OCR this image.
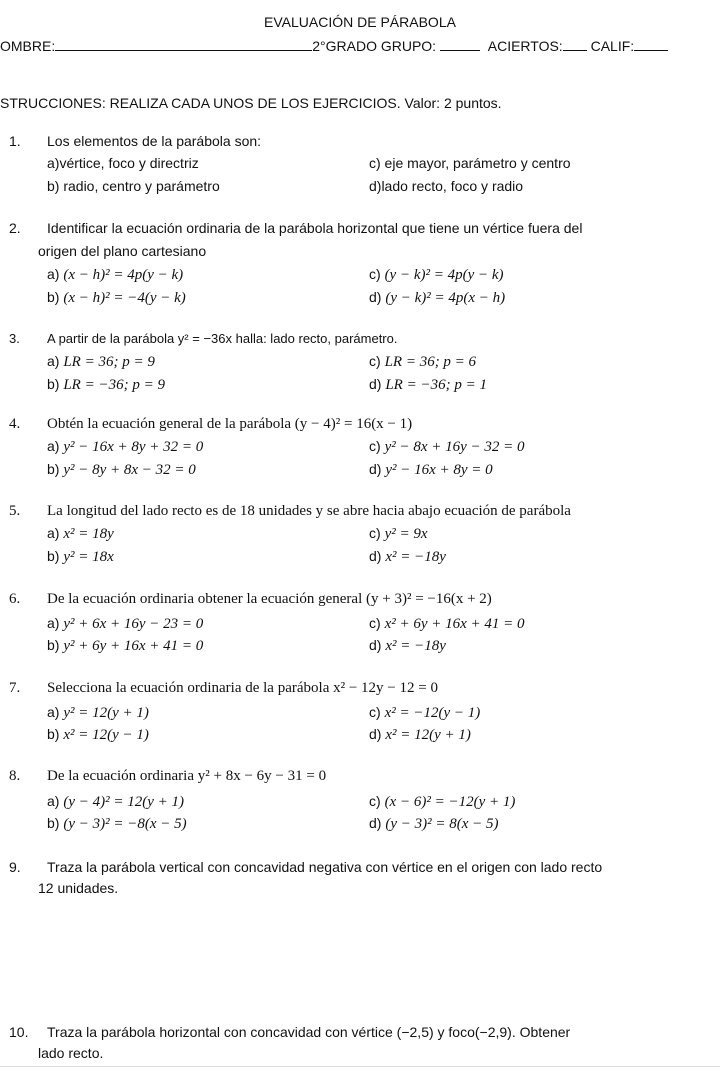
EVALUACIÓN DE PÁRABOLA
OMBRE:	2°GRADO GRUPO:	ACIERTOS: CALIF:
STRUCCIONES: REALIZA CADA UNOS DE LOS EJERCICIOS. Valor: 2 puntos.
1. Los elementos de la parábola son:
a)vértice, foco y directriz
b) radio, centro y parámetro
c) eje mayor, parámetro y centro
d)lado recto, foco y radio
2. Identificar la ecuación ordinaria de la parábola horizontal que tiene un vértice fuera del
origen del plano cartesiano
a) (x − h)² = 4p(y − k)
b) (x − h)² = −4(y − k)
c) (y − k)² = 4p(y − k)
d) (y − k)² = 4p(x − h)
3. A partir de la parábola y² = −36x halla: lado recto, parámetro.
a) LR = 36; p = 9
b) LR = −36; p = 9
c) LR = 36; p = 6
d) LR = −36; p = 1
4. Obtén la ecuación general de la parábola (y − 4)² = 16(x − 1)
a) y² − 16x + 8y + 32 = 0
b) y² − 8y + 8x − 32 = 0
c) y² − 8x + 16y − 32 = 0
d) y² − 16x + 8y = 0
5. La longitud del lado recto es de 18 unidades y se abre hacia abajo ecuación de parábola
a) x² = 18y
b) y² = 18x
c) y² = 9x
d) x² = −18y
6. De la ecuación ordinaria obtener la ecuación general (y + 3)² = −16(x + 2)
a) y² + 6x + 16y − 23 = 0
b) y² + 6y + 16x + 41 = 0
c) x² + 6y + 16x + 41 = 0
d) x² = −18y
7. Selecciona la ecuación ordinaria de la parábola x² − 12y − 12 = 0
a) y² = 12(y + 1)
b) x² = 12(y − 1)
c) x² = −12(y − 1)
d) x² = 12(y + 1)
8. De la ecuación ordinaria y² + 8x − 6y − 31 = 0
a) (y − 4)² = 12(y + 1)
b) (y − 3)² = −8(x − 5)
c) (x − 6)² = −12(y + 1)
d) (y − 3)² = 8(x − 5)
9. Traza la parábola vertical con concavidad negativa con vértice en el origen con lado recto
12 unidades.
10. Traza la parábola horizontal con concavidad con vértice (−2,5) y foco(−2,9). Obtener
lado recto.
